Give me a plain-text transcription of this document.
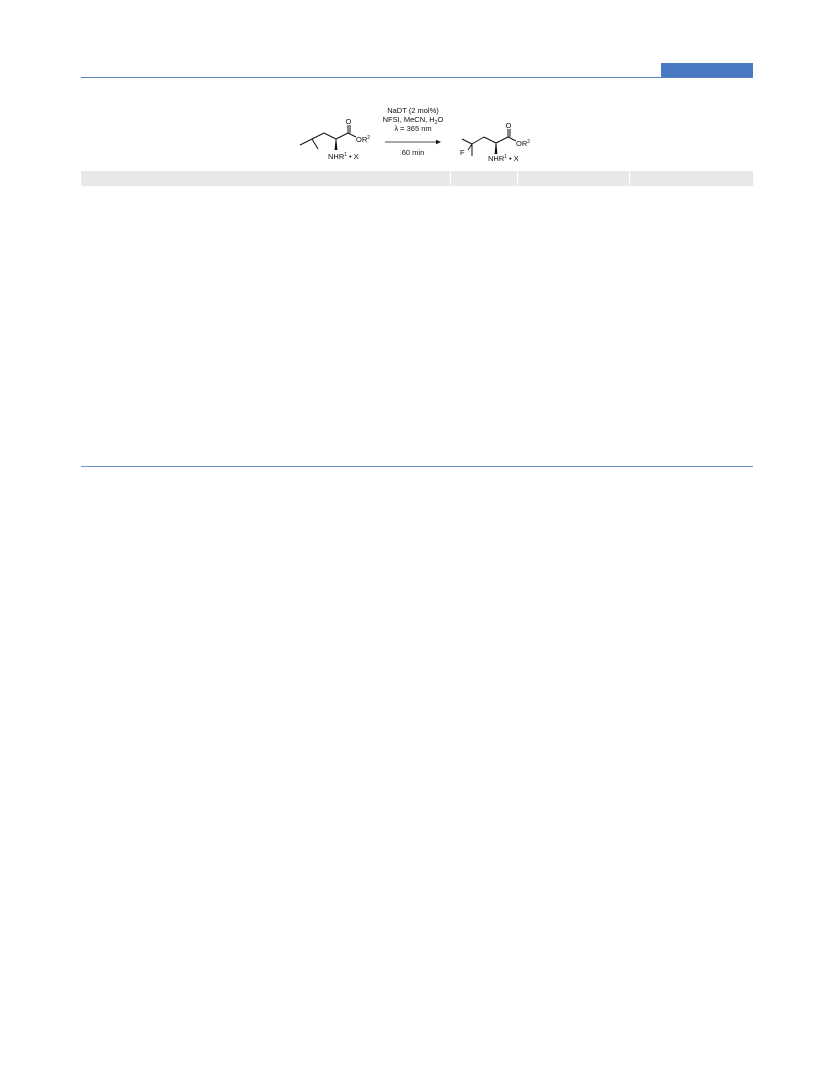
O
$OR^2$
NHR$^1$ • X
NaDT (2 mol%)
NFSI, MeCN, $H_2O$
λ = 365 nm
60 min	F
O
$OR^2$
NHR$^1$ • X
